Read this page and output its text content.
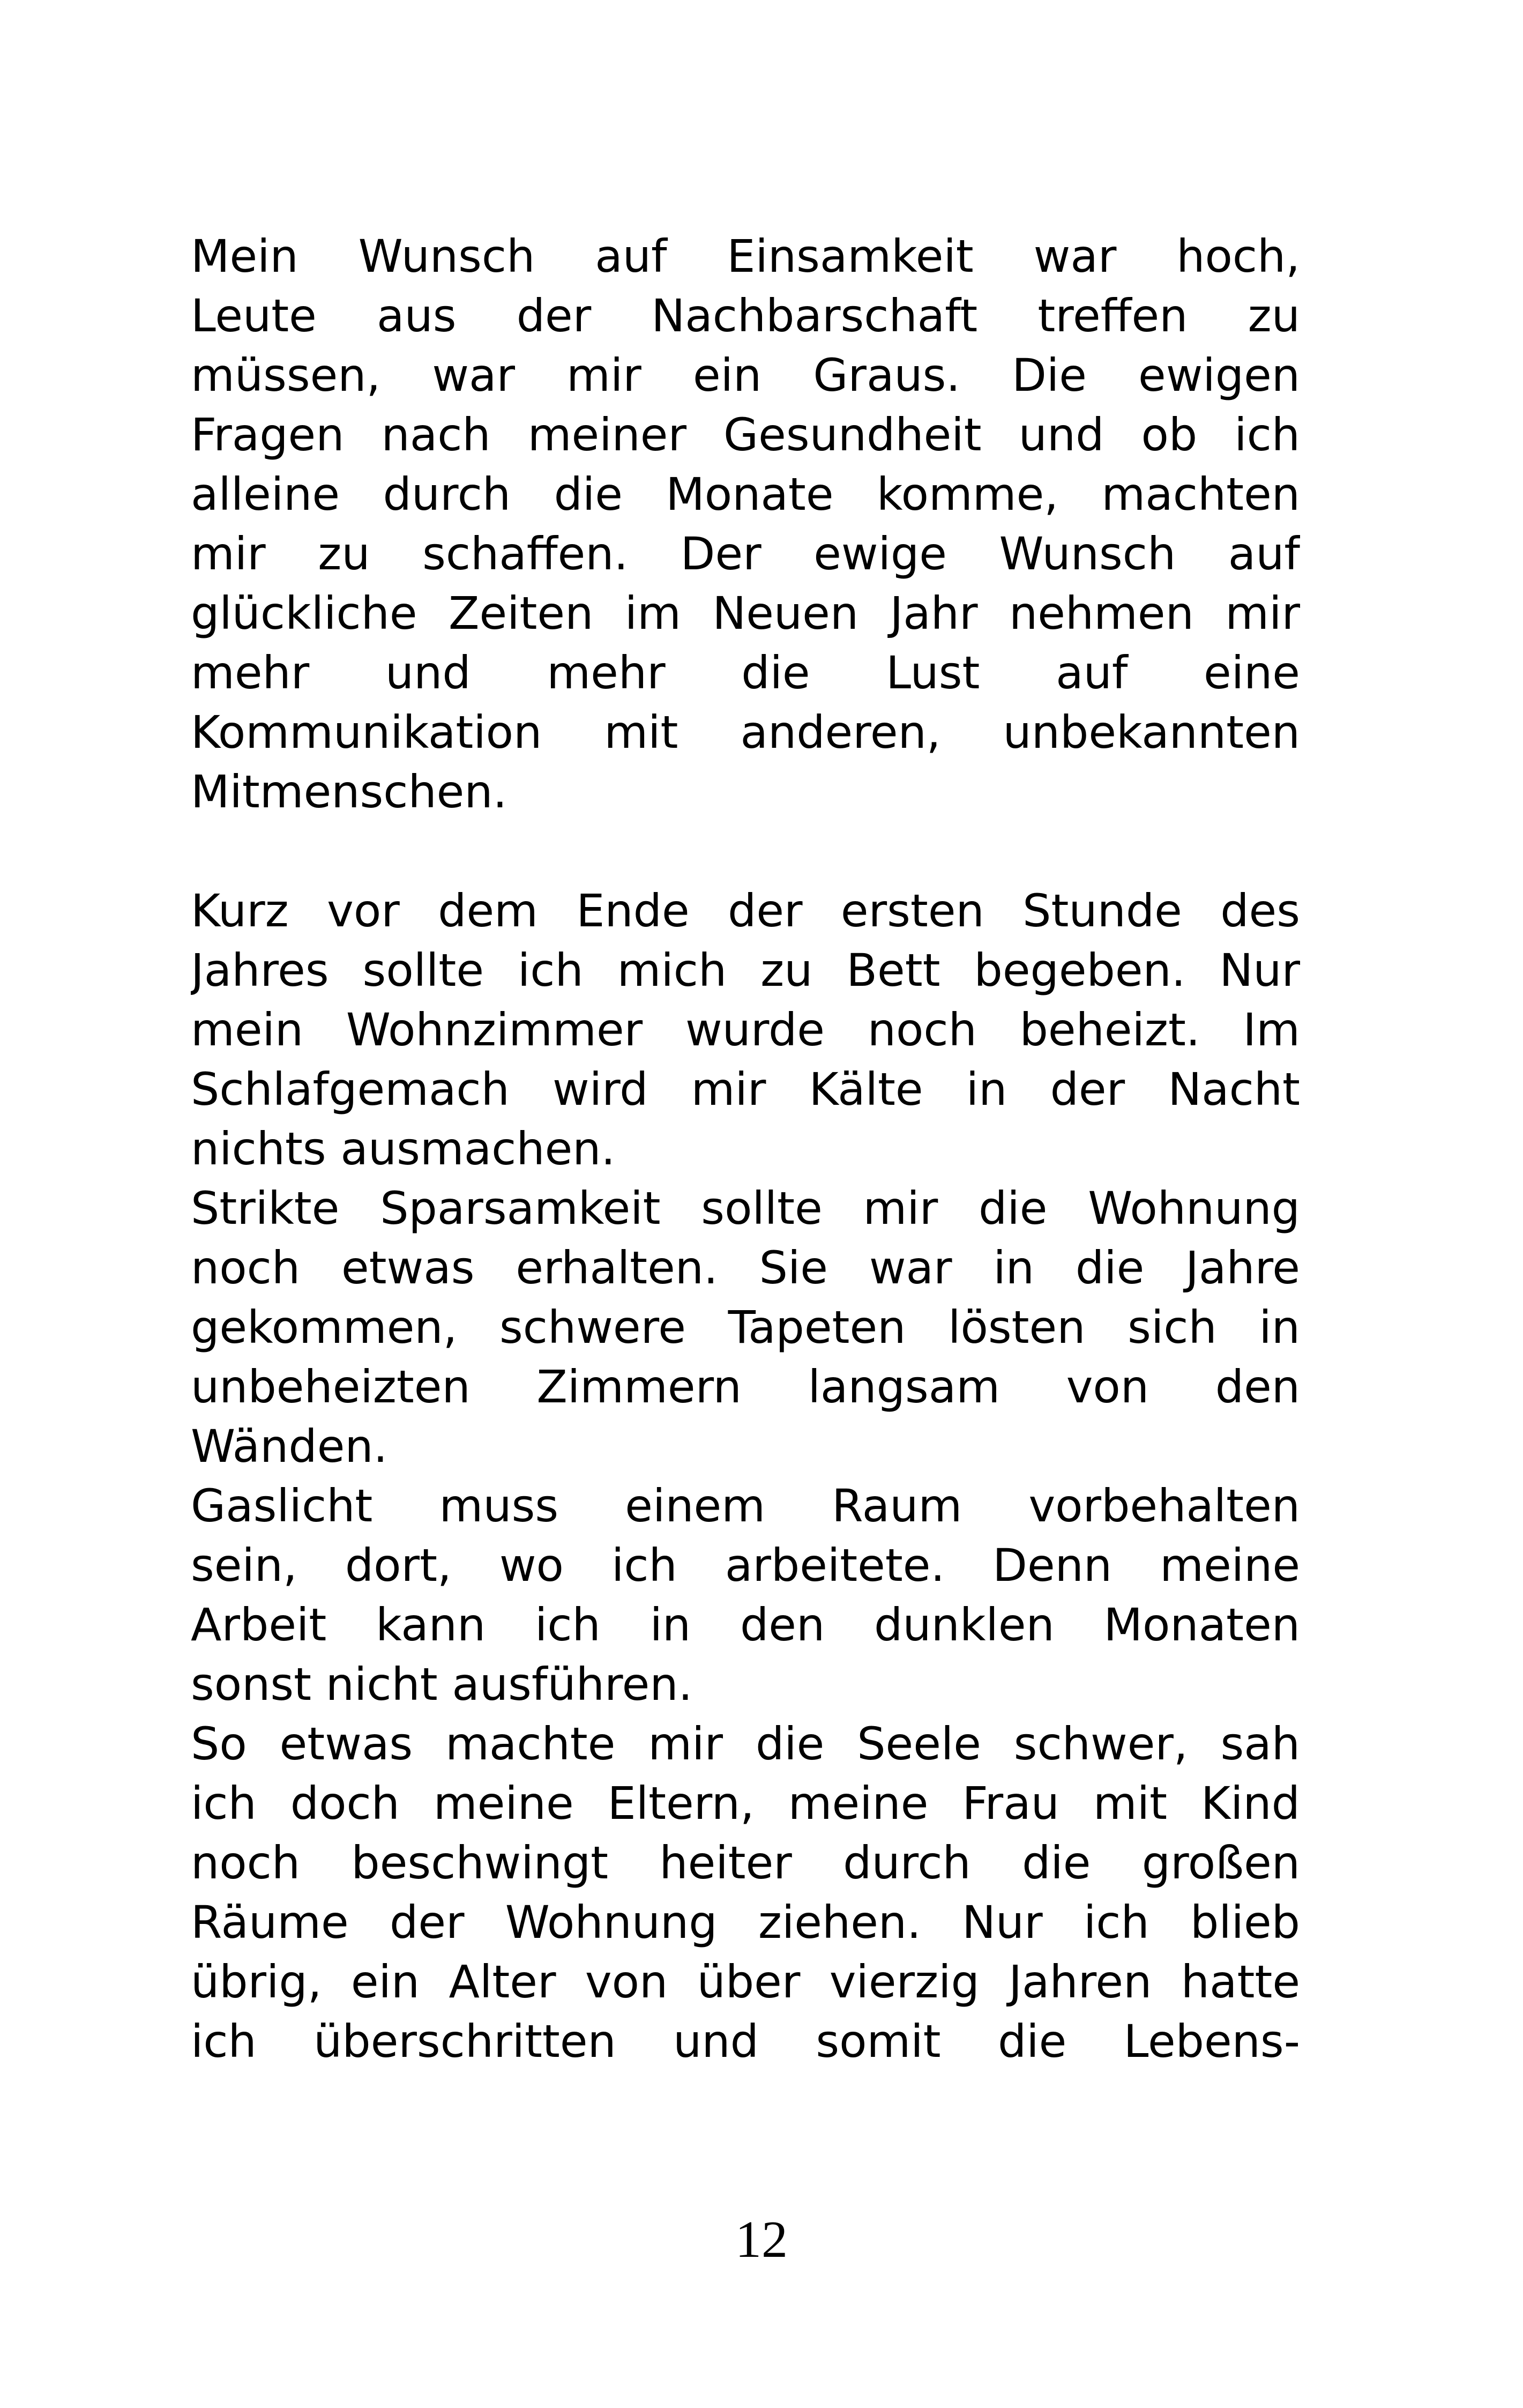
Mein Wunsch auf Einsamkeit war hoch,
Leute aus der Nachbarschaft treffen zu
müssen, war mir ein Graus. Die ewigen
Fragen nach meiner Gesundheit und ob ich
alleine durch die Monate komme, machten
mir zu schaffen. Der ewige Wunsch auf
glückliche Zeiten im Neuen Jahr nehmen mir
mehr und mehr die Lust auf eine
Kommunikation mit anderen, unbekannten
Mitmenschen.
Kurz vor dem Ende der ersten Stunde des
Jahres sollte ich mich zu Bett begeben. Nur
mein Wohnzimmer wurde noch beheizt. Im
Schlafgemach wird mir Kälte in der Nacht
nichts ausmachen.
Strikte Sparsamkeit sollte mir die Wohnung
noch etwas erhalten. Sie war in die Jahre
gekommen, schwere Tapeten lösten sich in
unbeheizten Zimmern langsam von den
Wänden.
Gaslicht muss einem Raum vorbehalten
sein, dort, wo ich arbeitete. Denn meine
Arbeit kann ich in den dunklen Monaten
sonst nicht ausführen.
So etwas machte mir die Seele schwer, sah
ich doch meine Eltern, meine Frau mit Kind
noch beschwingt heiter durch die großen
Räume der Wohnung ziehen. Nur ich blieb
übrig, ein Alter von über vierzig Jahren hatte
ich überschritten und somit die Lebens-
12
